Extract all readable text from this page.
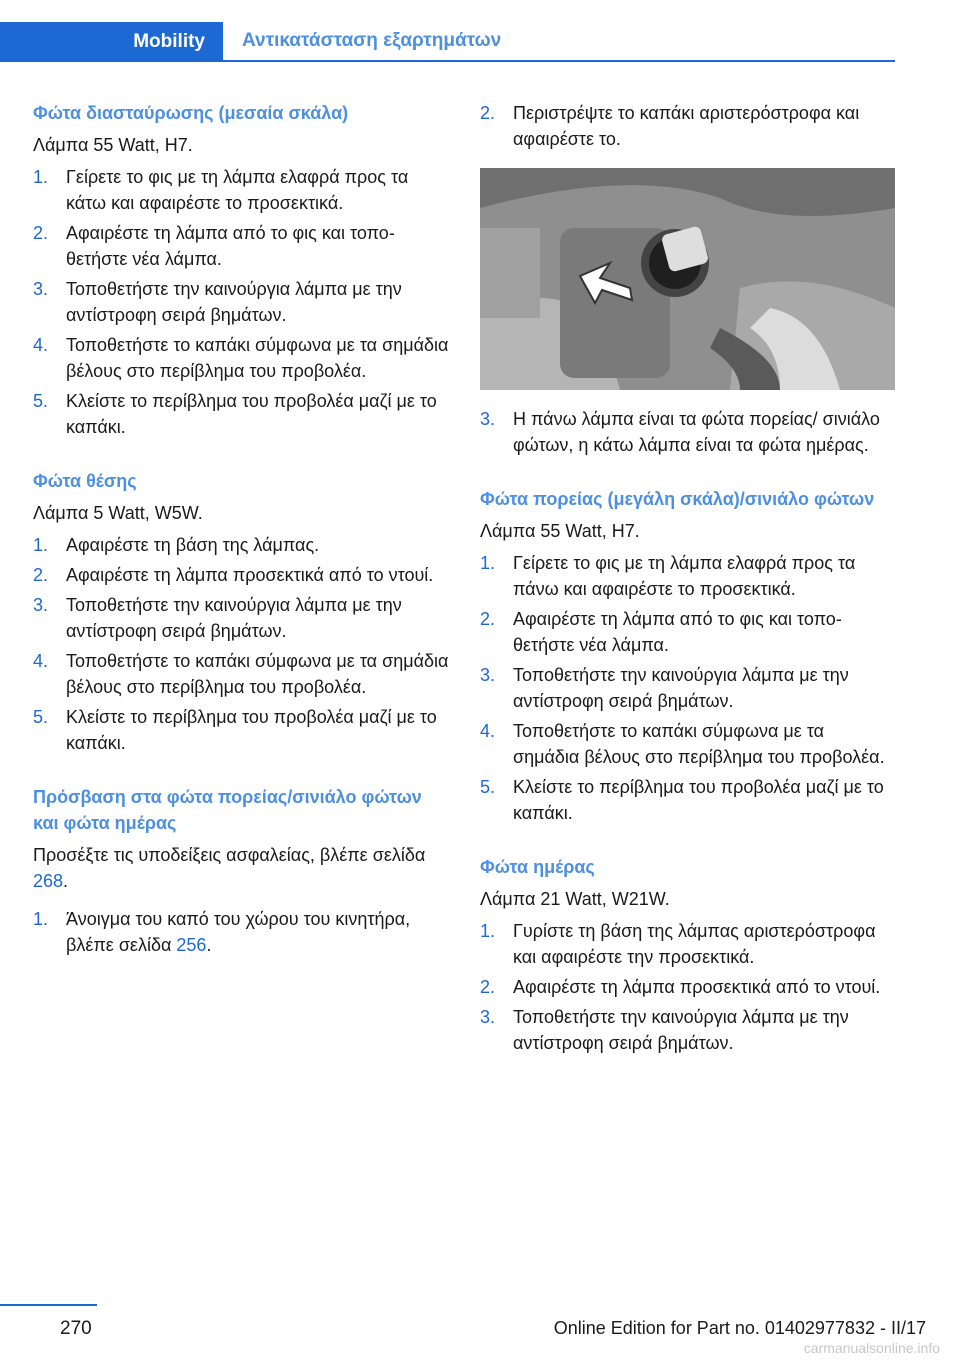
Mobility	Αντικατάσταση εξαρτημάτων

Φώτα διασταύρωσης (μεσαία σκάλα)

Λάμπα 55 Watt, H7.

1. Γείρετε το φις με τη λάμπα ελαφρά προς τα κάτω και αφαιρέστε το προσεκτικά.
2. Αφαιρέστε τη λάμπα από το φις και τοποθετήστε νέα λάμπα.
3. Τοποθετήστε την καινούργια λάμπα με την αντίστροφη σειρά βημάτων.
4. Τοποθετήστε το καπάκι σύμφωνα με τα σημάδια βέλους στο περίβλημα του προβολέα.
5. Κλείστε το περίβλημα του προβολέα μαζί με το καπάκι.

Φώτα θέσης

Λάμπα 5 Watt, W5W.

1. Αφαιρέστε τη βάση της λάμπας.
2. Αφαιρέστε τη λάμπα προσεκτικά από το ντουί.
3. Τοποθετήστε την καινούργια λάμπα με την αντίστροφη σειρά βημάτων.
4. Τοποθετήστε το καπάκι σύμφωνα με τα σημάδια βέλους στο περίβλημα του προβολέα.
5. Κλείστε το περίβλημα του προβολέα μαζί με το καπάκι.

Πρόσβαση στα φώτα πορείας/σινιάλο φώτων και φώτα ημέρας

Προσέξτε τις υποδείξεις ασφαλείας, βλέπε σελίδα 268.

1. Άνοιγμα του καπό του χώρου του κινητήρα, βλέπε σελίδα 256.
2. Περιστρέψτε το καπάκι αριστερόστροφα και αφαιρέστε το.
3. Η πάνω λάμπα είναι τα φώτα πορείας/ σινιάλο φώτων, η κάτω λάμπα είναι τα φώτα ημέρας.

Φώτα πορείας (μεγάλη σκάλα)/σινιάλο φώτων

Λάμπα 55 Watt, H7.

1. Γείρετε το φις με τη λάμπα ελαφρά προς τα πάνω και αφαιρέστε το προσεκτικά.
2. Αφαιρέστε τη λάμπα από το φις και τοποθετήστε νέα λάμπα.
3. Τοποθετήστε την καινούργια λάμπα με την αντίστροφη σειρά βημάτων.
4. Τοποθετήστε το καπάκι σύμφωνα με τα σημάδια βέλους στο περίβλημα του προβολέα.
5. Κλείστε το περίβλημα του προβολέα μαζί με το καπάκι.

Φώτα ημέρας

Λάμπα 21 Watt, W21W.

1. Γυρίστε τη βάση της λάμπας αριστερόστροφα και αφαιρέστε την προσεκτικά.
2. Αφαιρέστε τη λάμπα προσεκτικά από το ντουί.
3. Τοποθετήστε την καινούργια λάμπα με την αντίστροφη σειρά βημάτων.
270	Online Edition for Part no. 01402977832 - II/17
carmanualsonline.info
